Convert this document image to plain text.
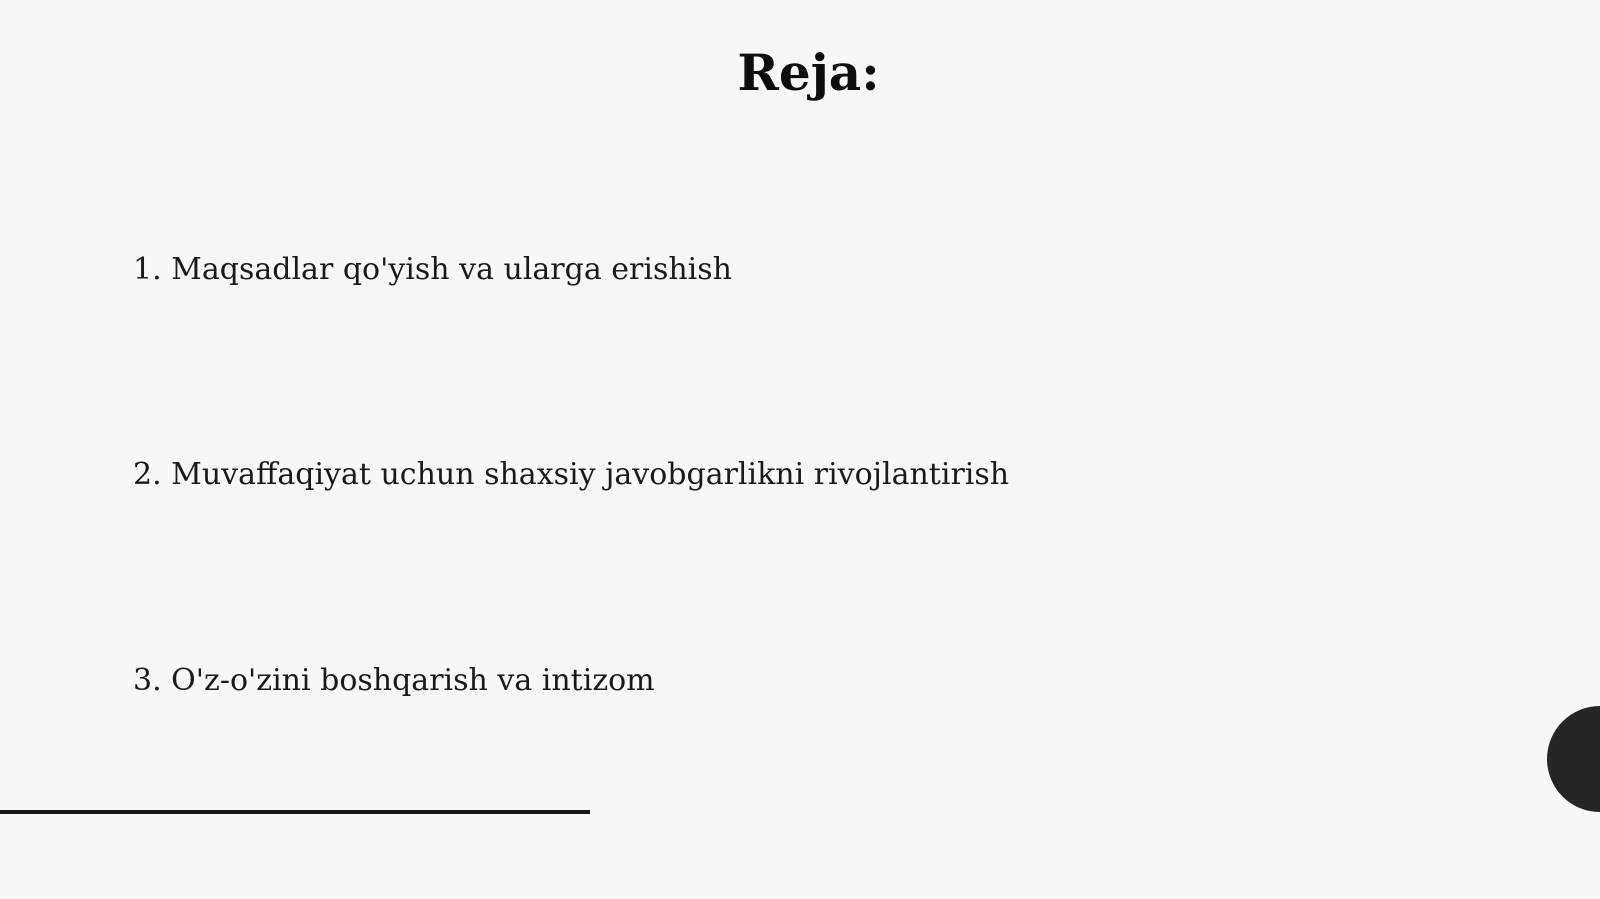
Reja:
1. Maqsadlar qo'yish va ularga erishish
2. Muvaffaqiyat uchun shaxsiy javobgarlikni rivojlantirish
3. O'z-o'zini boshqarish va intizom
